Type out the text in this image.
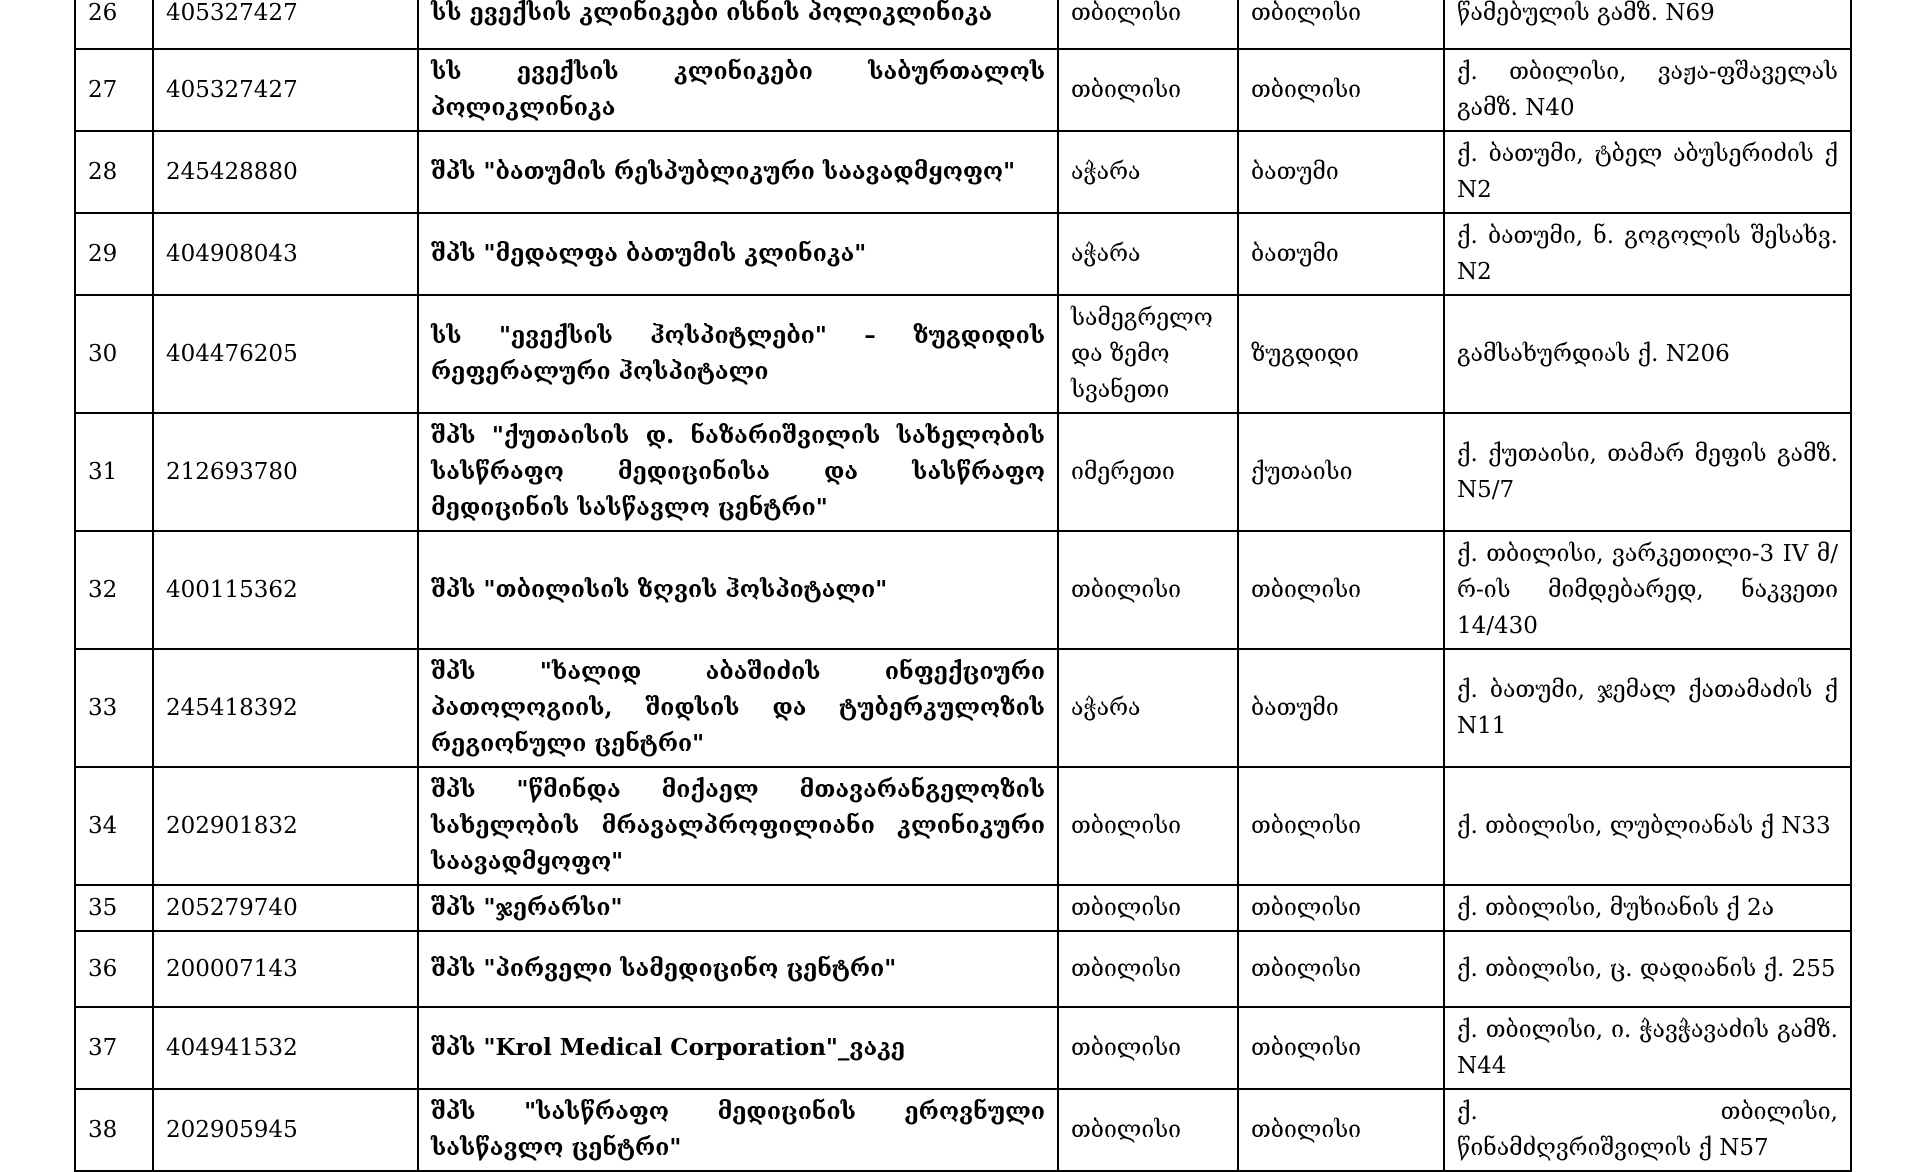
26	405327427	სს ევექსის კლინიკები ისნის პოლიკლინიკა	თბილისი	თბილისი	წამებულის გამზ. N69
27	405327427	სს ევექსის კლინიკები საბურთალოს პოლიკლინიკა	თბილისი	თბილისი	ქ. თბილისი, ვაჟა-ფშაველას გამზ. N40
28	245428880	შპს "ბათუმის რესპუბლიკური საავადმყოფო"	აჭარა	ბათუმი	ქ. ბათუმი, ტბელ აბუსერიძის ქ N2
29	404908043	შპს "მედალფა ბათუმის კლინიკა"	აჭარა	ბათუმი	ქ. ბათუმი, ნ. გოგოლის შესახვ. N2
30	404476205	სს "ევექსის ჰოსპიტლები" – ზუგდიდის რეფერალური ჰოსპიტალი	სამეგრელო და ზემო სვანეთი	ზუგდიდი	გამსახურდიას ქ. N206
31	212693780	შპს "ქუთაისის დ. ნაზარიშვილის სახელობის სასწრაფო მედიცინისა და სასწრაფო მედიცინის სასწავლო ცენტრი"	იმერეთი	ქუთაისი	ქ. ქუთაისი, თამარ მეფის გამზ. N5/7
32	400115362	შპს "თბილისის ზღვის ჰოსპიტალი"	თბილისი	თბილისი	ქ. თბილისი, ვარკეთილი-3 IV მ/რ-ის მიმდებარედ, ნაკვეთი 14/430
33	245418392	შპს "ხალიდ აბაშიძის ინფექციური პათოლოგიის, შიდსის და ტუბერკულოზის რეგიონული ცენტრი"	აჭარა	ბათუმი	ქ. ბათუმი, ჯემალ ქათამაძის ქ N11
34	202901832	შპს "წმინდა მიქაელ მთავარანგელოზის სახელობის მრავალპროფილიანი კლინიკური საავადმყოფო"	თბილისი	თბილისი	ქ. თბილისი, ლუბლიანას ქ N33
35	205279740	შპს "ჯერარსი"	თბილისი	თბილისი	ქ. თბილისი, მუხიანის ქ 2ა
36	200007143	შპს "პირველი სამედიცინო ცენტრი"	თბილისი	თბილისი	ქ. თბილისი, ც. დადიანის ქ. 255
37	404941532	შპს "Krol Medical Corporation"_ვაკე	თბილისი	თბილისი	ქ. თბილისი, ი. ჭავჭავაძის გამზ. N44
38	202905945	შპს "სასწრაფო მედიცინის ეროვნული სასწავლო ცენტრი"	თბილისი	თბილისი	ქ. თბილისი, წინამძღვრიშვილის ქ N57
